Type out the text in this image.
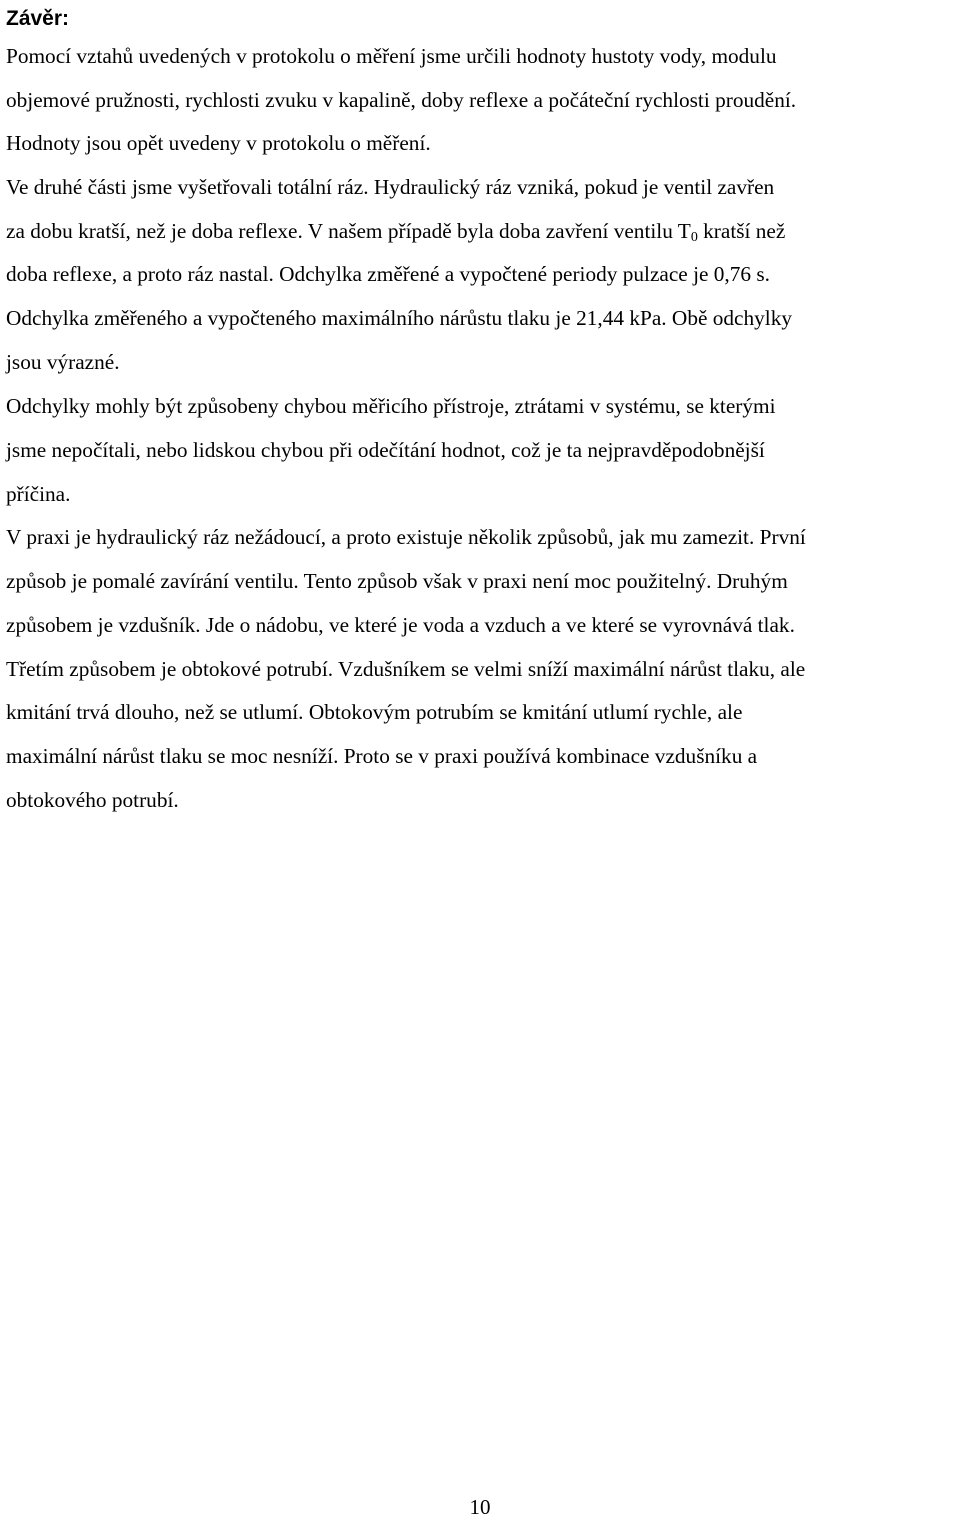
Závěr:

Pomocí vztahů uvedených v protokolu o měření jsme určili hodnoty hustoty vody, modulu

objemové pružnosti, rychlosti zvuku v kapalině, doby reflexe a počáteční rychlosti proudění.

Hodnoty jsou opět uvedeny v protokolu o měření.

Ve druhé části jsme vyšetřovali totální ráz. Hydraulický ráz vzniká, pokud je ventil zavřen

za dobu kratší, než je doba reflexe. V našem případě byla doba zavření ventilu $T_0$ kratší než

doba reflexe, a proto ráz nastal. Odchylka změřené a vypočtené periody pulzace je 0,76 s.

Odchylka změřeného a vypočteného maximálního nárůstu tlaku je 21,44 kPa. Obě odchylky

jsou výrazné.

Odchylky mohly být způsobeny chybou měřicího přístroje, ztrátami v systému, se kterými

jsme nepočítali, nebo lidskou chybou při odečítání hodnot, což je ta nejpravděpodobnější

příčina.

V praxi je hydraulický ráz nežádoucí, a proto existuje několik způsobů, jak mu zamezit. První

způsob je pomalé zavírání ventilu. Tento způsob však v praxi není moc použitelný. Druhým

způsobem je vzdušník. Jde o nádobu, ve které je voda a vzduch a ve které se vyrovnává tlak.

Třetím způsobem je obtokové potrubí. Vzdušníkem se velmi sníží maximální nárůst tlaku, ale

kmitání trvá dlouho, než se utlumí. Obtokovým potrubím se kmitání utlumí rychle, ale

maximální nárůst tlaku se moc nesníží. Proto se v praxi používá kombinace vzdušníku a

obtokového potrubí.

10
